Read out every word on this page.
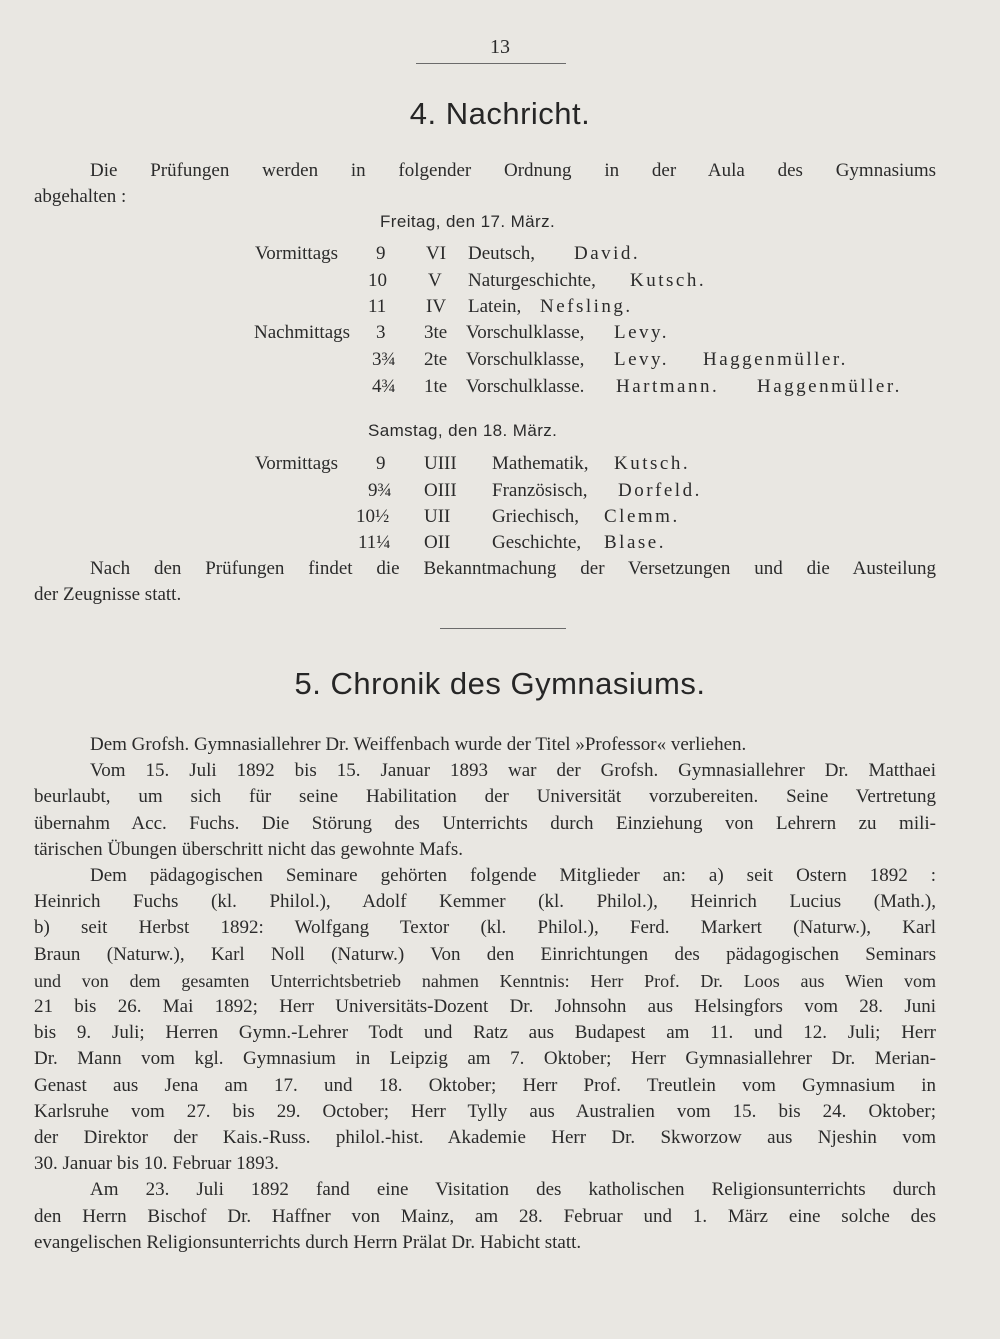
13
4. Nachricht.
Die Prüfungen werden in folgender Ordnung in der Aula des Gymnasiums
abgehalten :
Freitag, den 17. März.
Vormittags 9 VI Deutsch, David.
10 V Naturgeschichte, Kutsch.
11 IV Latein, Nefsling.
Nachmittags 3 3te Vorschulklasse, Levy.
3¾ 2te Vorschulklasse, Levy. Haggenmüller.
4¾ 1te Vorschulklasse. Hartmann. Haggenmüller.
Samstag, den 18. März.
Vormittags 9 UIII Mathematik, Kutsch.
9¾ OIII Französisch, Dorfeld.
10½ UII Griechisch, Clemm.
11¼ OII Geschichte, Blase.
Nach den Prüfungen findet die Bekanntmachung der Versetzungen und die Austeilung
der Zeugnisse statt.
5. Chronik des Gymnasiums.
Dem Grofsh. Gymnasiallehrer Dr. Weiffenbach wurde der Titel »Professor« verliehen.
Vom 15. Juli 1892 bis 15. Januar 1893 war der Grofsh. Gymnasiallehrer Dr. Matthaei
beurlaubt, um sich für seine Habilitation der Universität vorzubereiten. Seine Vertretung
übernahm Acc. Fuchs. Die Störung des Unterrichts durch Einziehung von Lehrern zu mili-
tärischen Übungen überschritt nicht das gewohnte Mafs.
Dem pädagogischen Seminare gehörten folgende Mitglieder an: a) seit Ostern 1892 :
Heinrich Fuchs (kl. Philol.), Adolf Kemmer (kl. Philol.), Heinrich Lucius (Math.),
b) seit Herbst 1892: Wolfgang Textor (kl. Philol.), Ferd. Markert (Naturw.), Karl
Braun (Naturw.), Karl Noll (Naturw.) Von den Einrichtungen des pädagogischen Seminars
und von dem gesamten Unterrichtsbetrieb nahmen Kenntnis: Herr Prof. Dr. Loos aus Wien vom
21 bis 26. Mai 1892; Herr Universitäts-Dozent Dr. Johnsohn aus Helsingfors vom 28. Juni
bis 9. Juli; Herren Gymn.-Lehrer Todt und Ratz aus Budapest am 11. und 12. Juli; Herr
Dr. Mann vom kgl. Gymnasium in Leipzig am 7. Oktober; Herr Gymnasiallehrer Dr. Merian-
Genast aus Jena am 17. und 18. Oktober; Herr Prof. Treutlein vom Gymnasium in
Karlsruhe vom 27. bis 29. October; Herr Tylly aus Australien vom 15. bis 24. Oktober;
der Direktor der Kais.-Russ. philol.-hist. Akademie Herr Dr. Skworzow aus Njeshin vom
30. Januar bis 10. Februar 1893.
Am 23. Juli 1892 fand eine Visitation des katholischen Religionsunterrichts durch
den Herrn Bischof Dr. Haffner von Mainz, am 28. Februar und 1. März eine solche des
evangelischen Religionsunterrichts durch Herrn Prälat Dr. Habicht statt.
